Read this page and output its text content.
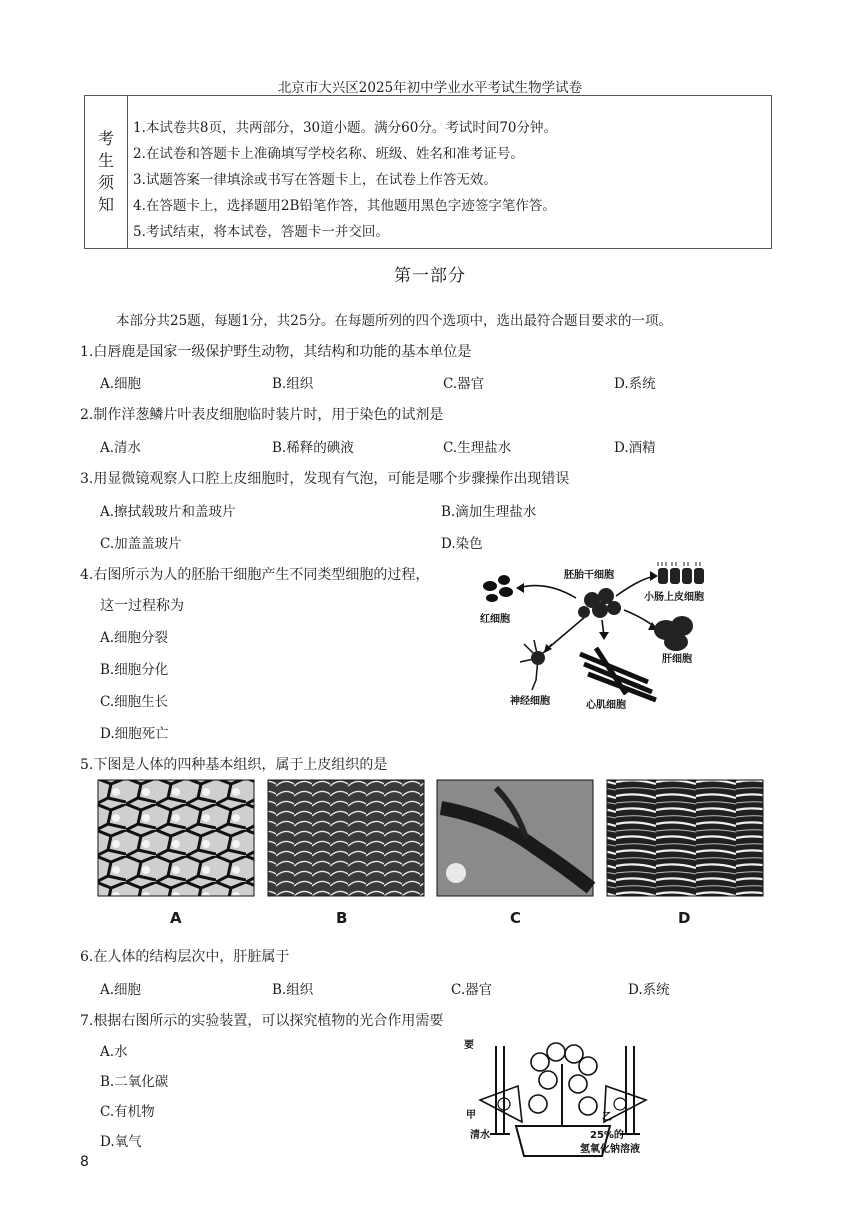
北京市大兴区2025年初中学业水平考试生物学试卷
考
生
须
知
1.本试卷共8页，共两部分，30道小题。满分60分。考试时间70分钟。
2.在试卷和答题卡上准确填写学校名称、班级、姓名和准考证号。
3.试题答案一律填涂或书写在答题卡上，在试卷上作答无效。
4.在答题卡上，选择题用2B铅笔作答，其他题用黑色字迹签字笔作答。
5.考试结束，将本试卷，答题卡一并交回。
第一部分
本部分共25题，每题1分，共25分。在每题所列的四个选项中，选出最符合题目要求的一项。
1.白唇鹿是国家一级保护野生动物，其结构和功能的基本单位是
A.细胞	B.组织	C.器官	D.系统
2.制作洋葱鳞片叶表皮细胞临时装片时，用于染色的试剂是
A.清水	B.稀释的碘液	C.生理盐水	D.酒精
3.用显微镜观察人口腔上皮细胞时，发现有气泡，可能是哪个步骤操作出现错误
A.擦拭载玻片和盖玻片	B.滴加生理盐水
C.加盖盖玻片	D.染色
4.右图所示为人的胚胎干细胞产生不同类型细胞的过程，
这一过程称为
A.细胞分裂
B.细胞分化
C.细胞生长
D.细胞死亡
红细胞
胚胎干细胞
小肠上皮细胞
肝细胞
神经细胞	心肌细胞
5.下图是人体的四种基本组织，属于上皮组织的是
A	B	C	D
6.在人体的结构层次中，肝脏属于
A.细胞	B.组织	C.器官	D.系统
7.根据右图所示的实验装置，可以探究植物的光合作用需要
A.水
B.二氧化碳
C.有机物
D.氧气
要
甲
清水
乙
25%的
氢氧化钠溶液
8
